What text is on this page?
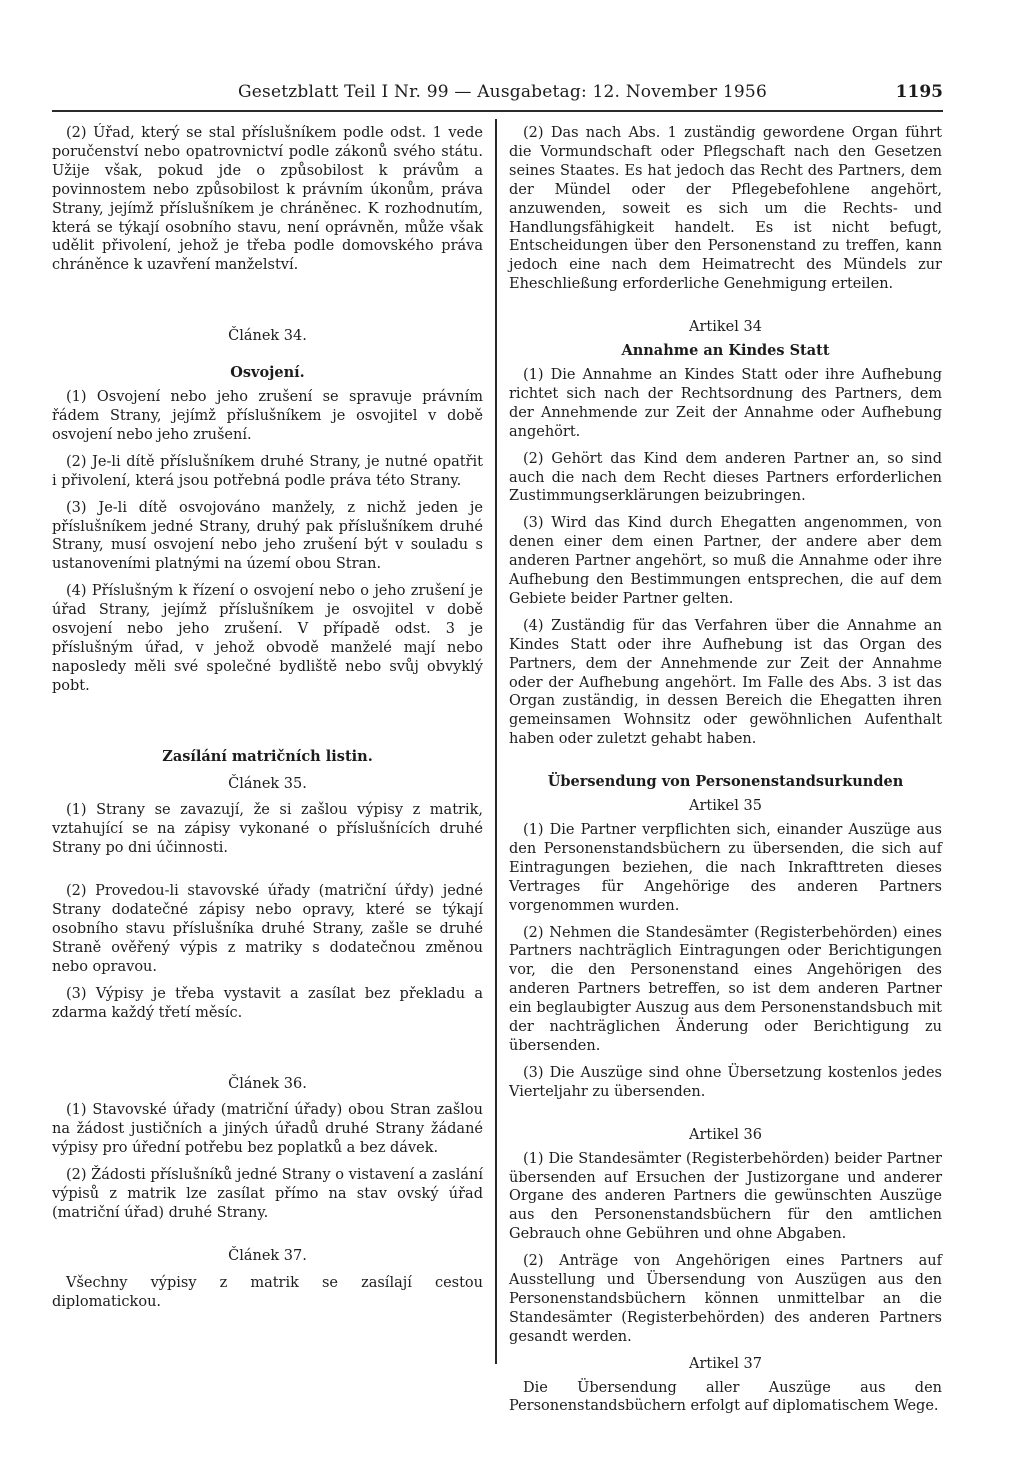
Gesetzblatt Teil I Nr. 99 — Ausgabetag: 12. November 1956	1195

(2) Úřad, který se stal příslušníkem podle odst. 1 vede poručenství nebo opatrovnictví podle zákonů svého státu. Užije však, pokud jde o způsobilost k právům a povinnostem nebo způsobilost k právním úkonům, práva Strany, jejímž příslušníkem je chráněnec. K rozhodnutím, která se týkají osobního stavu, není oprávněn, může však udělit přivolení, jehož je třeba podle domovského práva chráněnce k uzavření manželství.

Článek 34.

Osvojení.

(1) Osvojení nebo jeho zrušení se spravuje právním řádem Strany, jejímž příslušníkem je osvojitel v době osvojení nebo jeho zrušení.

(2) Je-li dítě příslušníkem druhé Strany, je nutné opatřit i přivolení, která jsou potřebná podle práva této Strany.

(3) Je-li dítě osvojováno manžely, z nichž jeden je příslušníkem jedné Strany, druhý pak příslušníkem druhé Strany, musí osvojení nebo jeho zrušení být v souladu s ustanoveními platnými na území obou Stran.

(4) Příslušným k řízení o osvojení nebo o jeho zrušení je úřad Strany, jejímž příslušníkem je osvojitel v době osvojení nebo jeho zrušení. V případě odst. 3 je příslušným úřad, v jehož obvodě manželé mají nebo naposledy měli své společné bydliště nebo svůj obvyklý pobt.

Zasílání matričních listin.

Článek 35.

(1) Strany se zavazují, že si zašlou výpisy z matrik, vztahující se na zápisy vykonané o příslušnících druhé Strany po dni účinnosti.

(2) Provedou-li stavovské úřady (matriční úřdy) jedné Strany dodatečné zápisy nebo opravy, které se týkají osobního stavu příslušníka druhé Strany, zašle se druhé Straně ověřený výpis z matriky s dodatečnou změnou nebo opravou.

(3) Výpisy je třeba vystavit a zasílat bez překladu a zdarma každý třetí měsíc.

Článek 36.

(1) Stavovské úřady (matriční úřady) obou Stran zašlou na žádost justičních a jiných úřadů druhé Strany žádané výpisy pro úřední potřebu bez poplatků a bez dávek.

(2) Žádosti příslušníků jedné Strany o vistavení a zaslání výpisů z matrik lze zasílat přímo na stav ovský úřad (matriční úřad) druhé Strany.

Článek 37.

Všechny výpisy z matrik se zasílají cestou diplomatickou.

(2) Das nach Abs. 1 zuständig gewordene Organ führt die Vormundschaft oder Pflegschaft nach den Gesetzen seines Staates. Es hat jedoch das Recht des Partners, dem der Mündel oder der Pflegebefohlene angehört, anzuwenden, soweit es sich um die Rechts- und Handlungsfähigkeit handelt. Es ist nicht befugt, Entscheidungen über den Personenstand zu treffen, kann jedoch eine nach dem Heimatrecht des Mündels zur Eheschließung erforderliche Genehmigung erteilen.

Artikel 34

Annahme an Kindes Statt

(1) Die Annahme an Kindes Statt oder ihre Aufhebung richtet sich nach der Rechtsordnung des Partners, dem der Annehmende zur Zeit der Annahme oder Aufhebung angehört.

(2) Gehört das Kind dem anderen Partner an, so sind auch die nach dem Recht dieses Partners erforderlichen Zustimmungserklärungen beizubringen.

(3) Wird das Kind durch Ehegatten angenommen, von denen einer dem einen Partner, der andere aber dem anderen Partner angehört, so muß die Annahme oder ihre Aufhebung den Bestimmungen entsprechen, die auf dem Gebiete beider Partner gelten.

(4) Zuständig für das Verfahren über die Annahme an Kindes Statt oder ihre Aufhebung ist das Organ des Partners, dem der Annehmende zur Zeit der Annahme oder der Aufhebung angehört. Im Falle des Abs. 3 ist das Organ zuständig, in dessen Bereich die Ehegatten ihren gemeinsamen Wohnsitz oder gewöhnlichen Aufenthalt haben oder zuletzt gehabt haben.

Übersendung von Personenstandsurkunden

Artikel 35

(1) Die Partner verpflichten sich, einander Auszüge aus den Personenstandsbüchern zu übersenden, die sich auf Eintragungen beziehen, die nach Inkrafttreten dieses Vertrages für Angehörige des anderen Partners vorgenommen wurden.

(2) Nehmen die Standesämter (Registerbehörden) eines Partners nachträglich Eintragungen oder Berichtigungen vor, die den Personenstand eines Angehörigen des anderen Partners betreffen, so ist dem anderen Partner ein beglaubigter Auszug aus dem Personenstandsbuch mit der nachträglichen Änderung oder Berichtigung zu übersenden.

(3) Die Auszüge sind ohne Übersetzung kostenlos jedes Vierteljahr zu übersenden.

Artikel 36

(1) Die Standesämter (Registerbehörden) beider Partner übersenden auf Ersuchen der Justizorgane und anderer Organe des anderen Partners die gewünschten Auszüge aus den Personenstandsbüchern für den amtlichen Gebrauch ohne Gebühren und ohne Abgaben.

(2) Anträge von Angehörigen eines Partners auf Ausstellung und Übersendung von Auszügen aus den Personenstandsbüchern können unmittelbar an die Standesämter (Registerbehörden) des anderen Partners gesandt werden.

Artikel 37

Die Übersendung aller Auszüge aus den Personenstandsbüchern erfolgt auf diplomatischem Wege.
